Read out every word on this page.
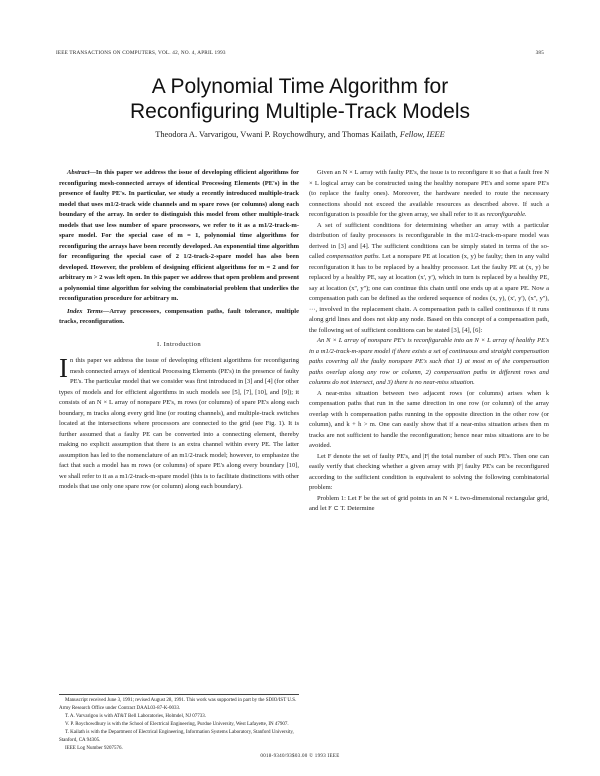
IEEE TRANSACTIONS ON COMPUTERS, VOL. 42, NO. 4, APRIL 1993	385
A Polynomial Time Algorithm for
Reconfiguring Multiple-Track Models
Theodora A. Varvarigou, Vwani P. Roychowdhury, and Thomas Kailath, Fellow, IEEE

Abstract—In this paper we address the issue of developing efficient algorithms for reconfiguring mesh-connected arrays of identical Processing Elements (PE's) in the presence of faulty PE's. In particular, we study a recently introduced multiple-track model that uses m1/2-track wide channels and m spare rows (or columns) along each boundary of the array. In order to distinguish this model from other multiple-track models that use less number of spare processors, we refer to it as a m1/2-track-m-spare model. For the special case of m = 1, polynomial time algorithms for reconfiguring the arrays have been recently developed. An exponential time algorithm for reconfiguring the special case of 2 1/2-track-2-spare model has also been developed. However, the problem of designing efficient algorithms for m = 2 and for arbitrary m > 2 was left open. In this paper we address that open problem and present a polynomial time algorithm for solving the combinatorial problem that underlies the reconfiguration procedure for arbitrary m.

Index Terms—Array processors, compensation paths, fault tolerance, multiple tracks, reconfiguration.

I. Introduction

In this paper we address the issue of developing efficient algorithms for reconfiguring mesh connected arrays of identical Processing Elements (PE's) in the presence of faulty PE's. The particular model that we consider was first introduced in [3] and [4] (for other types of models and for efficient algorithms in such models see [5], [7], [10], and [9]); it consists of an N × L array of nonspare PE's, m rows (or columns) of spare PE's along each boundary, m tracks along every grid line (or routing channels), and multiple-track switches located at the intersections where processors are connected to the grid (see Fig. 1). It is further assumed that a faulty PE can be converted into a connecting element, thereby making no explicit assumption that there is an extra channel within every PE. The latter assumption has led to the nomenclature of an m1/2-track model; however, to emphasize the fact that such a model has m rows (or columns) of spare PE's along every boundary [10], we shall refer to it as a m1/2-track-m-spare model (this is to facilitate distinctions with other models that use only one spare row (or column) along each boundary).

Given an N × L array with faulty PE's, the issue is to reconfigure it so that a fault free N × L logical array can be constructed using the healthy nonspare PE's and some spare PE's (to replace the faulty ones). Moreover, the hardware needed to route the necessary connections should not exceed the available resources as described above. If such a reconfiguration is possible for the given array, we shall refer to it as reconfigurable.

A set of sufficient conditions for determining whether an array with a particular distribution of faulty processors is reconfigurable in the m1/2-track-m-spare model was derived in [3] and [4]. The sufficient conditions can be simply stated in terms of the so-called compensation paths. Let a nonspare PE at location (x, y) be faulty; then in any valid reconfiguration it has to be replaced by a healthy processor. Let the faulty PE at (x, y) be replaced by a healthy PE, say at location (x', y'), which in turn is replaced by a healthy PE, say at location (x'', y''); one can continue this chain until one ends up at a spare PE. Now a compensation path can be defined as the ordered sequence of nodes (x, y), (x', y'), (x'', y''), ···, involved in the replacement chain. A compensation path is called continuous if it runs along grid lines and does not skip any node. Based on this concept of a compensation path, the following set of sufficient conditions can be stated [3], [4], [6]:

An N × L array of nonspare PE's is reconfigurable into an N × L array of healthy PE's in a m1/2-track-m-spare model if there exists a set of continuous and straight compensation paths covering all the faulty nonspare PE's such that 1) at most m of the compensation paths overlap along any row or column, 2) compensation paths in different rows and columns do not intersect, and 3) there is no near-miss situation.

A near-miss situation between two adjacent rows (or columns) arises when k compensation paths that run in the same direction in one row (or column) of the array overlap with h compensation paths running in the opposite direction in the other row (or column), and k + h > m. One can easily show that if a near-miss situation arises then m tracks are not sufficient to handle the reconfiguration; hence near miss situations are to be avoided.

Let F denote the set of faulty PE's, and |F| the total number of such PE's. Then one can easily verify that checking whether a given array with |F| faulty PE's can be reconfigured according to the sufficient condition is equivalent to solving the following combinatorial problem:

Problem 1: Let F be the set of grid points in an N × L two-dimensional rectangular grid, and let F ⊂ T. Determine

Manuscript received June 3, 1991; revised August 28, 1991. This work was supported in part by the SDIO/IST U.S. Army Research Office under Contract DAAL03-87-K-0033.

T. A. Varvarigou is with AT&T Bell Laboratories, Holmdel, NJ 07733.

V. P. Roychowdhury is with the School of Electrical Engineering, Purdue University, West Lafayette, IN 47907.

T. Kailath is with the Department of Electrical Engineering, Information Systems Laboratory, Stanford University, Stanford, CA 94305.

IEEE Log Number 9207576.

0018-9340/93$03.00 © 1993 IEEE
